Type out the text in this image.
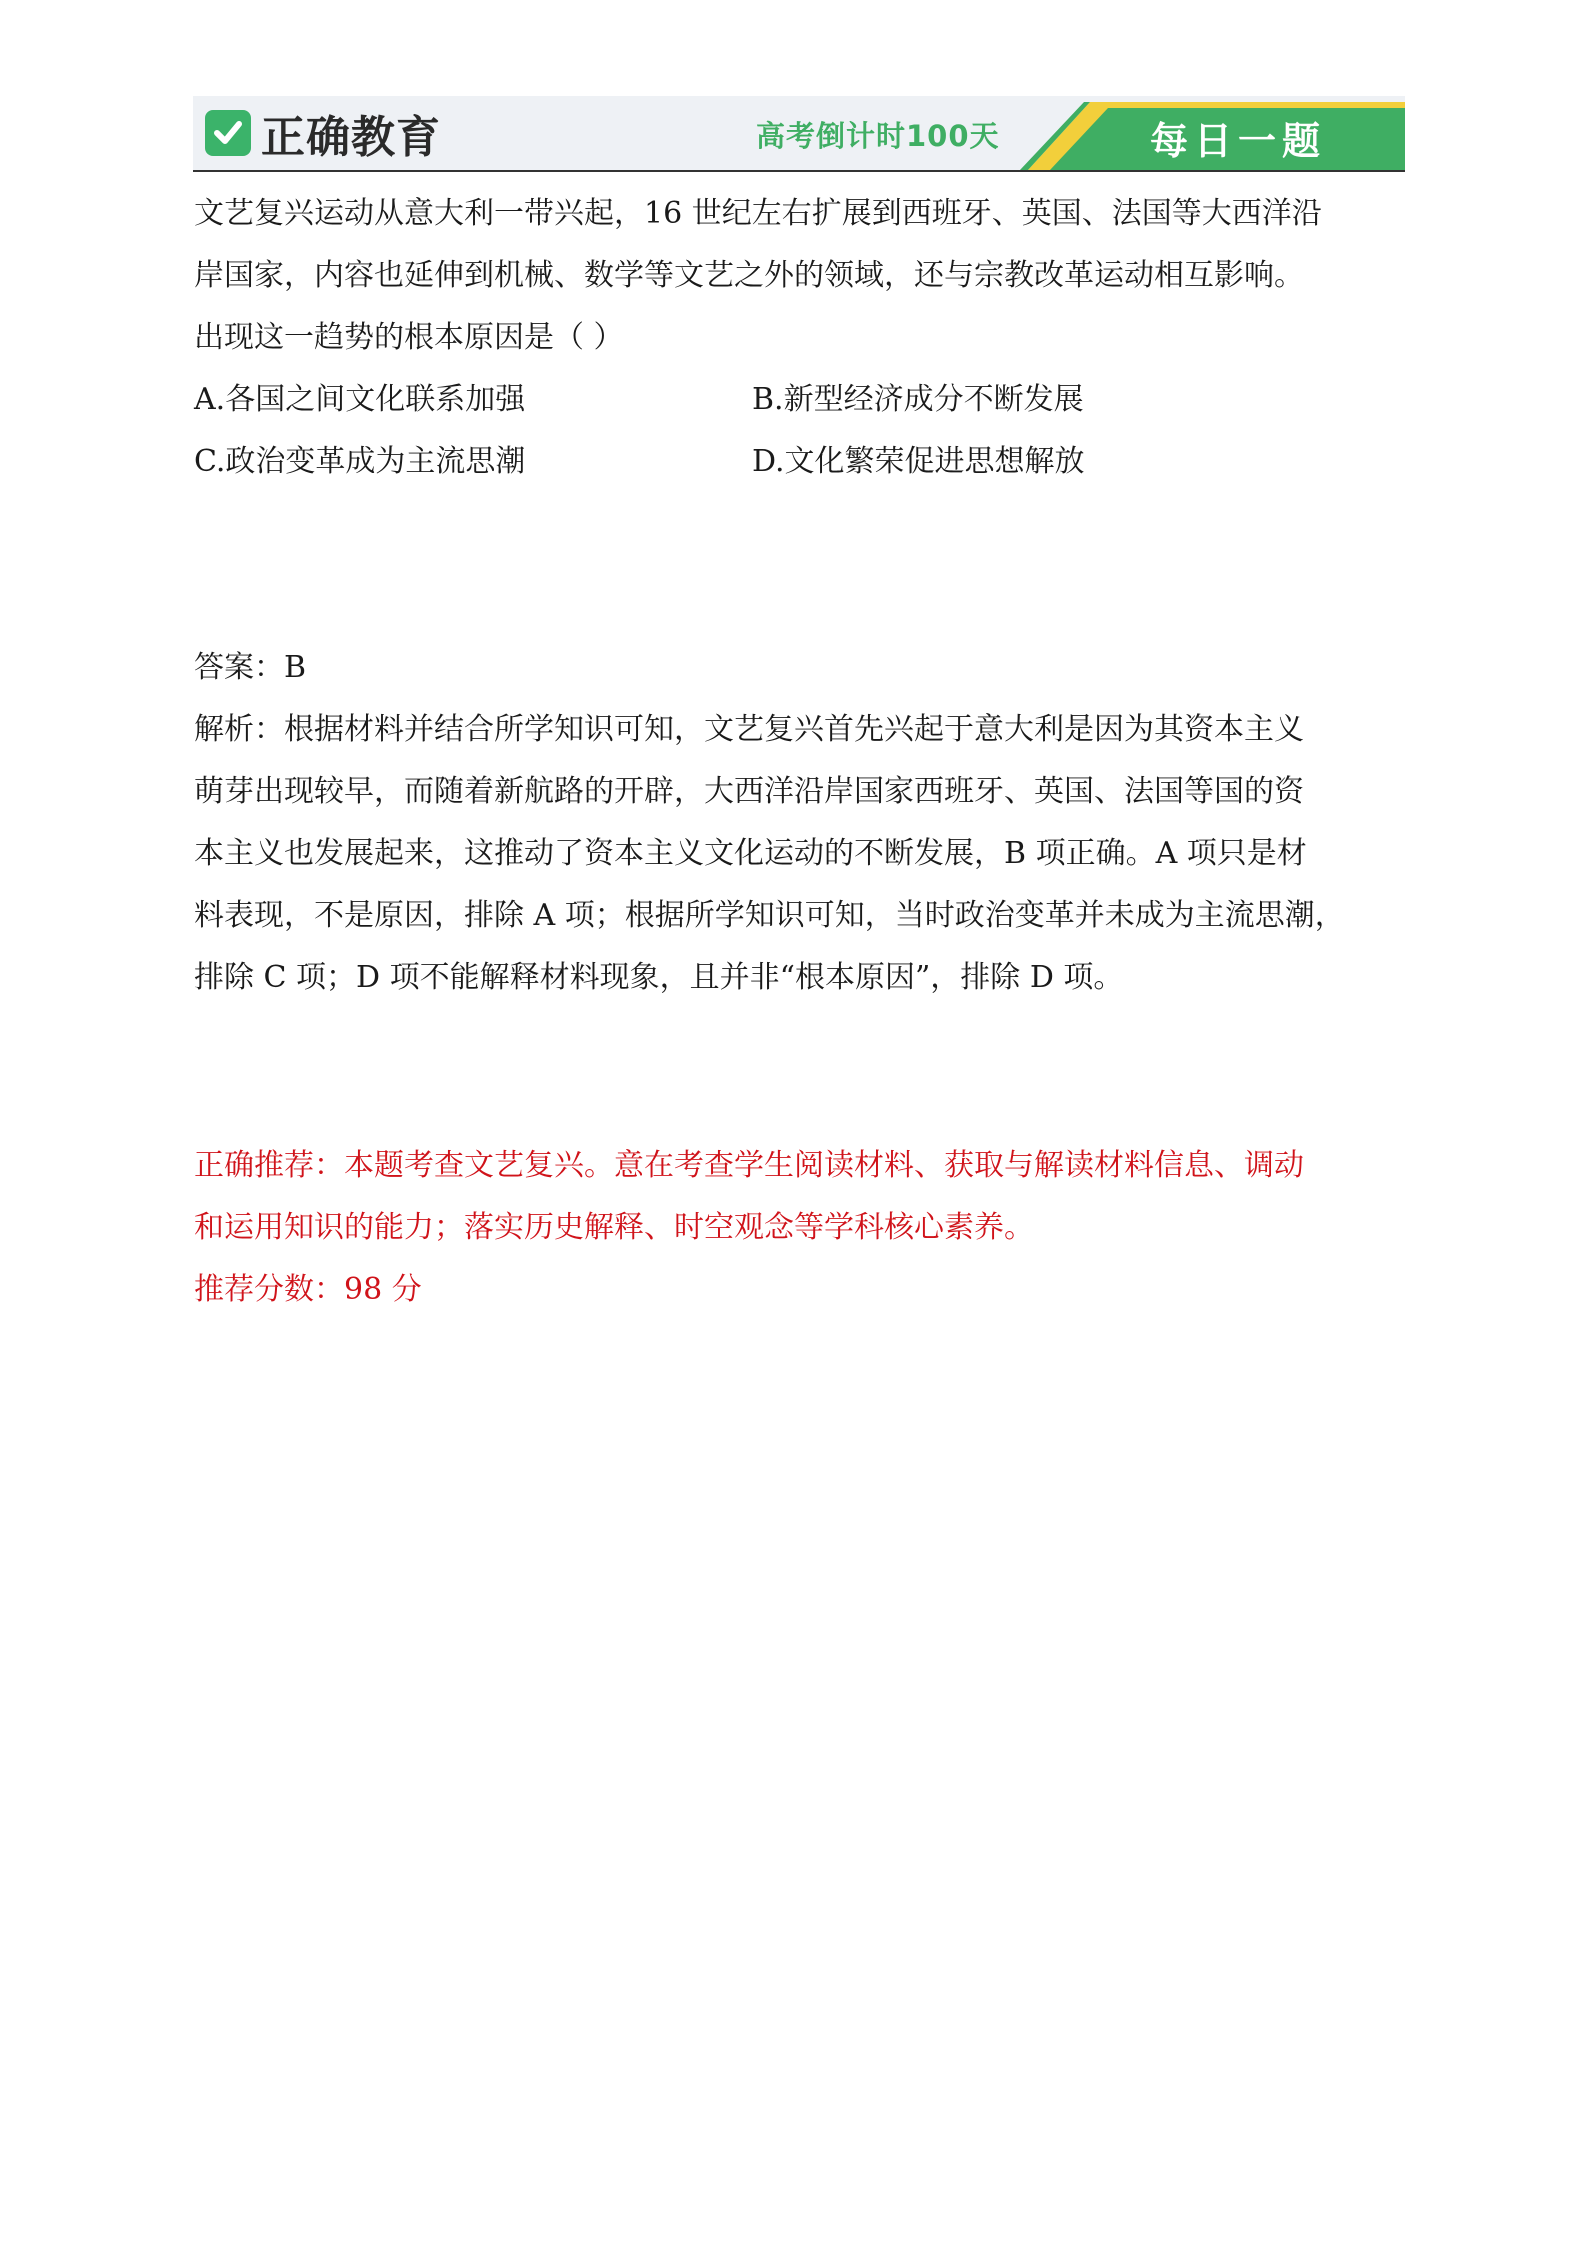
正确教育	高考倒计时100天	每日一题
文艺复兴运动从意大利一带兴起，16 世纪左右扩展到西班牙、英国、法国等大西洋沿
岸国家，内容也延伸到机械、数学等文艺之外的领域，还与宗教改革运动相互影响。
出现这一趋势的根本原因是（ ）
A.各国之间文化联系加强	B.新型经济成分不断发展
C.政治变革成为主流思潮	D.文化繁荣促进思想解放
答案：B
解析：根据材料并结合所学知识可知，文艺复兴首先兴起于意大利是因为其资本主义
萌芽出现较早，而随着新航路的开辟，大西洋沿岸国家西班牙、英国、法国等国的资
本主义也发展起来，这推动了资本主义文化运动的不断发展，B 项正确。A 项只是材
料表现，不是原因，排除 A 项；根据所学知识可知，当时政治变革并未成为主流思潮，
排除 C 项；D 项不能解释材料现象，且并非“根本原因”，排除 D 项。
正确推荐：本题考查文艺复兴。意在考查学生阅读材料、获取与解读材料信息、调动
和运用知识的能力；落实历史解释、时空观念等学科核心素养。
推荐分数：98 分
